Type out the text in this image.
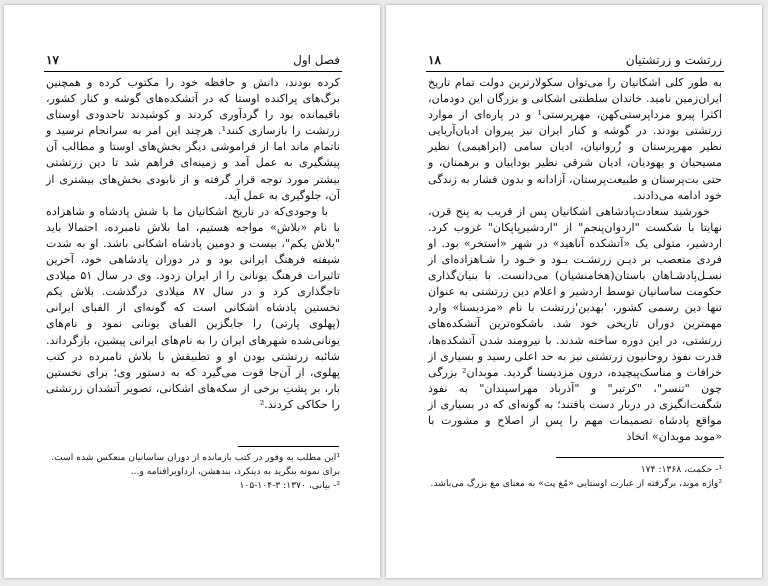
فصل اول
۱۷

کرده بودند، دانش و حافظه خود را مکتوب کرده و همچنین برگ‌های پراکنده اوستا که در آتشکده‌های گوشه و کنار کشور، باقیمانده بود را گردآوری کردند و کوشیدند تا‌حدودی اوستای زرتشت را بازسازی کنند¹. هرچند این امر به سرانجام نرسید و ناتمام ماند اما از فراموشی دیگر بخش‌های اوستا و مطالب آن پیشگیری به عمل آمد و زمینه‌ای فراهم شد تا دین زرتشتی بیشتر مورد توجه قرار گرفته و از نابودی بخش‌های بیشتری از آن، جلوگیری به عمل آید.

با وجودی‌که در تاریخ اشکانیان ما با شش پادشاه و شاهزاده با نام «بلاش» مواجه هستیم، اما بلاش نامبرده، احتمالا باید "بلاش یکم"، بیست و دومین پادشاه اشکانی باشد. او به شدت شیفته فرهنگ ایرانی بود و در دوران پادشاهی خود، آخرین تاثیرات فرهنگ یونانی را از ایران زدود. وی در سال ۵۱ میلادی تاجگذاری کرد و در سال ۸۷ میلادی درگذشت. بلاش یکم نخستین پادشاه اشکانی است که گونه‌ای از الفبای ایرانی (پهلوی پارتی) را جایگزین الفبای یونانی نمود و نام‌های یونانی‌شده شهرهای ایران را به نام‌های ایرانی پیشین، بازگرداند. شائبه زرتشتی بودن او و تطبیقش با بلاش نامبرده در کتب پهلوی، از آن‌جا قوت می‌گیرد که به دستور وی؛ برای نخستین بار، بر پشتِ برخی از سکه‌های اشکانی، تصویر آتشدان زرتشتی را حکاکی کردند.²

¹این مطلب به وفور در کتب بازمانده از دوران ساسانیان منعکس شده است. برای نمونه بنگرید به دینکرد، بندهشن، ارداویرافنامه و...

²- بیانی، ۱۳۷۰: ۳-۱۰۴-۱۰۵

زرتشت و زرتشتیان
۱۸

به طور کلی اشکانیان را می‌توان سکولارترین دولت تمام تاریخ ایران‌زمین نامید. خاندان سلطنتی اشکانی و بزرگان این دودمان، اکثرا پیرو مزداپرستی‌کهن، مهرپرستی¹ و در پاره‌ای از موارد زرتشتی بودند. در گوشه و کنار ایران نیز پیروان ادیان‌آریایی نظیر مهرپرستان و زُروانیان، ادیان سامی (ابراهیمی) نظیر مسیحیان و یهودیان، ادیان شرقی نظیر بوداییان و برهمنان، و حتی بت‌پرستان و طبیعت‌پرستان، آزادانه و بدون فشار به زندگی خود ادامه می‌دادند.

خورشید سعادت‌پادشاهی اشکانیان پس از قریب به پنج قرن، نهایتا با شکست "اردوان‌پنجم" از "اردشیرپاپکان" غروب کرد. اردشیر، متولی یک «آتشکده آناهید» در شهر «استخر» بود. او فردی متعصب بر دیـن زرتشـت بـود و خـود را شـاهزاده‌ای از نسـل‌پادشـاهان باستان(هخامنشیان) می‌دانست. با بنیان‌گذاری حکومت ساسانیان توسط اردشیر و اعلام دین زرتشتی به عنوان تنها دین رسمی کشور، 'بهدین'زرتشت با نام «مزدیسنا» وارد مهمترین دوران تاریخی خود شد. باشکوه‌ترین آتشکده‌های زرتشتی، در این دوره ساخته شدند. با نیرومند شدن آتشکده‌ها، قدرت نفوذ روحانیون زرتشتی نیز به حد اعلی رسید و بسیاری از خرافات و مناسک‌پیچیده، درون مزدیسنا گردید. موبدان² بزرگی چون "تنسر"، "کرتیر" و "آذرباد مهراسپندان" به نفوذ شگفت‌انگیزی در دربار دست یافتند؛ به گونه‌ای که در بسیاری از مواقع پادشاه تصمیمات مهم را پس از اصلاح و مشورت با «موبد موبدان» اتخاذ

¹- حکمت، ۱۳۶۸: ۱۷۴

²واژه موبد، برگرفته از عبارت اوستایی «مُغ پت» به معنای مغ بزرگ می‌باشد.
